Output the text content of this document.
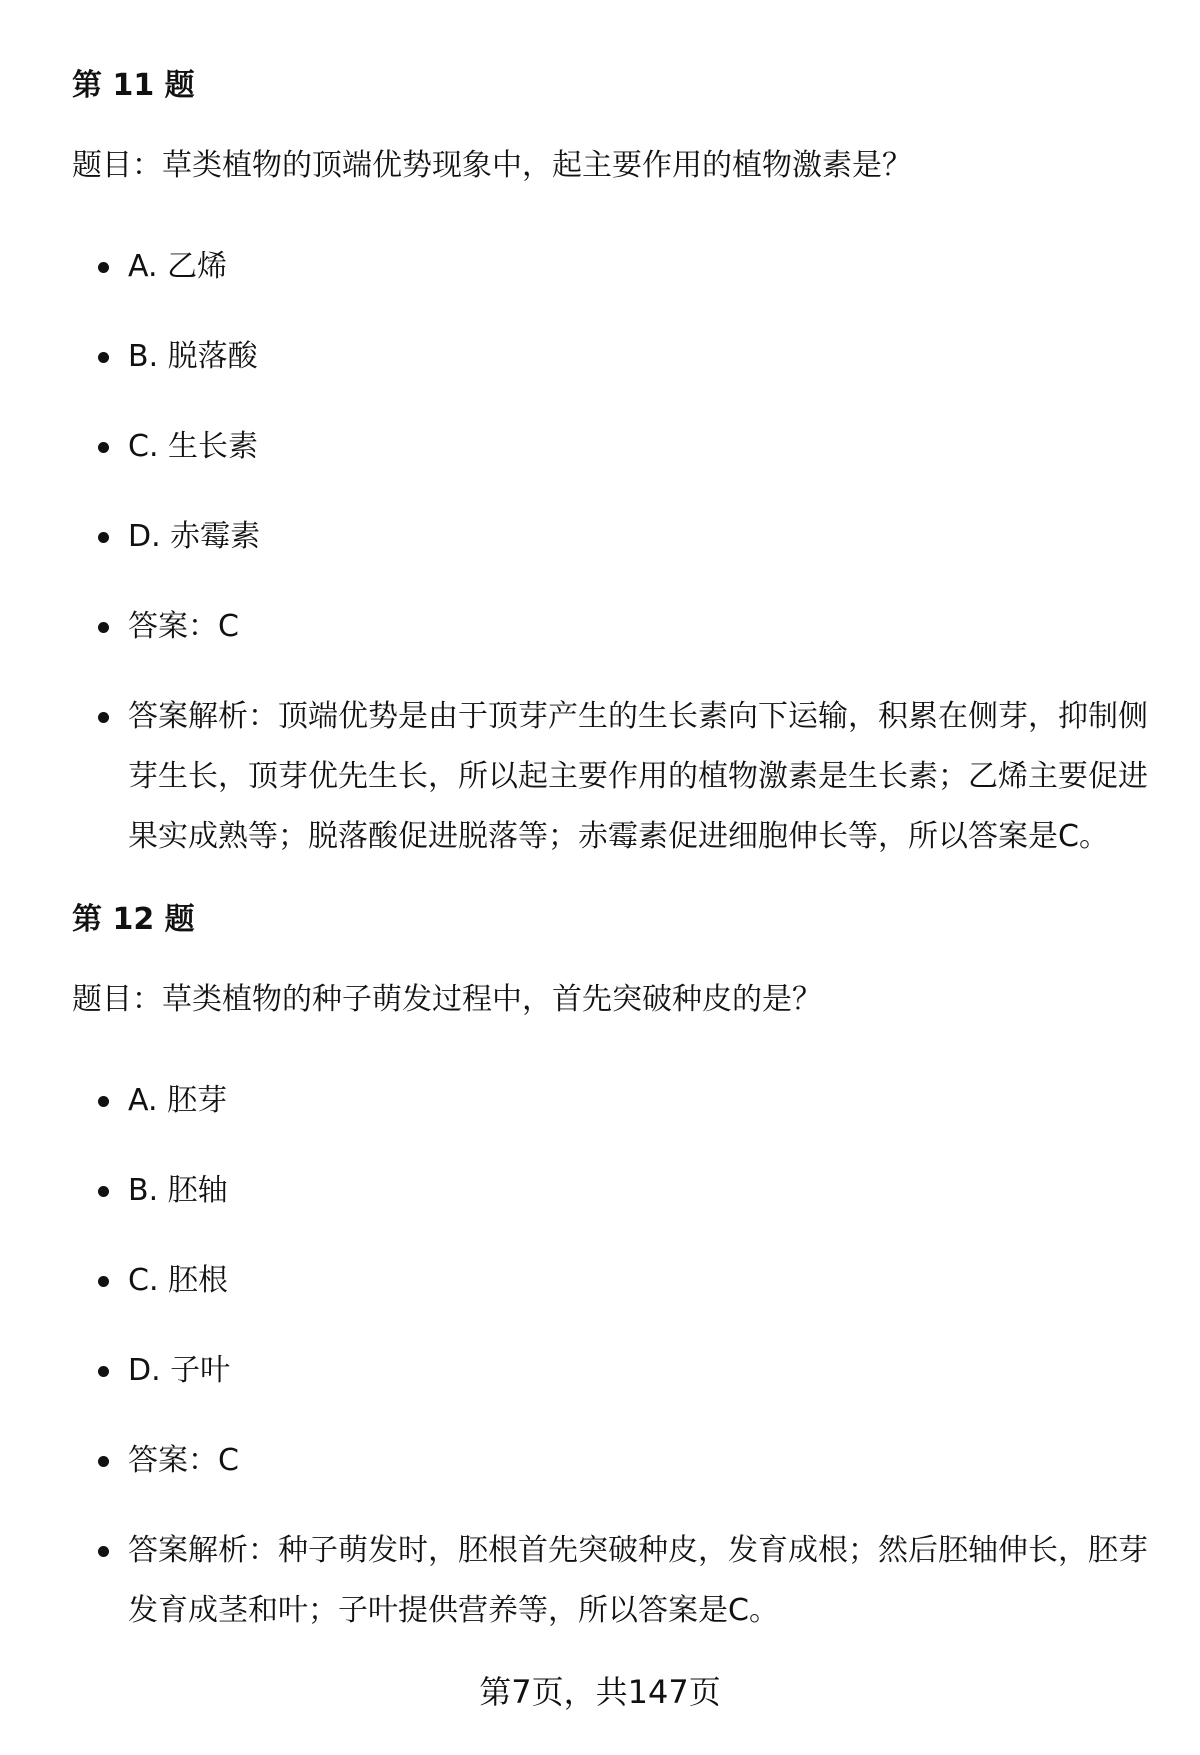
第 11 题

题目：草类植物的顶端优势现象中，起主要作用的植物激素是？

A. 乙烯

B. 脱落酸

C. 生长素

D. 赤霉素

答案：C

答案解析：顶端优势是由于顶芽产生的生长素向下运输，积累在侧芽，抑制侧芽生长，顶芽优先生长，所以起主要作用的植物激素是生长素；乙烯主要促进果实成熟等；脱落酸促进脱落等；赤霉素促进细胞伸长等，所以答案是C。

第 12 题

题目：草类植物的种子萌发过程中，首先突破种皮的是？

A. 胚芽

B. 胚轴

C. 胚根

D. 子叶

答案：C

答案解析：种子萌发时，胚根首先突破种皮，发育成根；然后胚轴伸长，胚芽发育成茎和叶；子叶提供营养等，所以答案是C。

第7页，共147页
